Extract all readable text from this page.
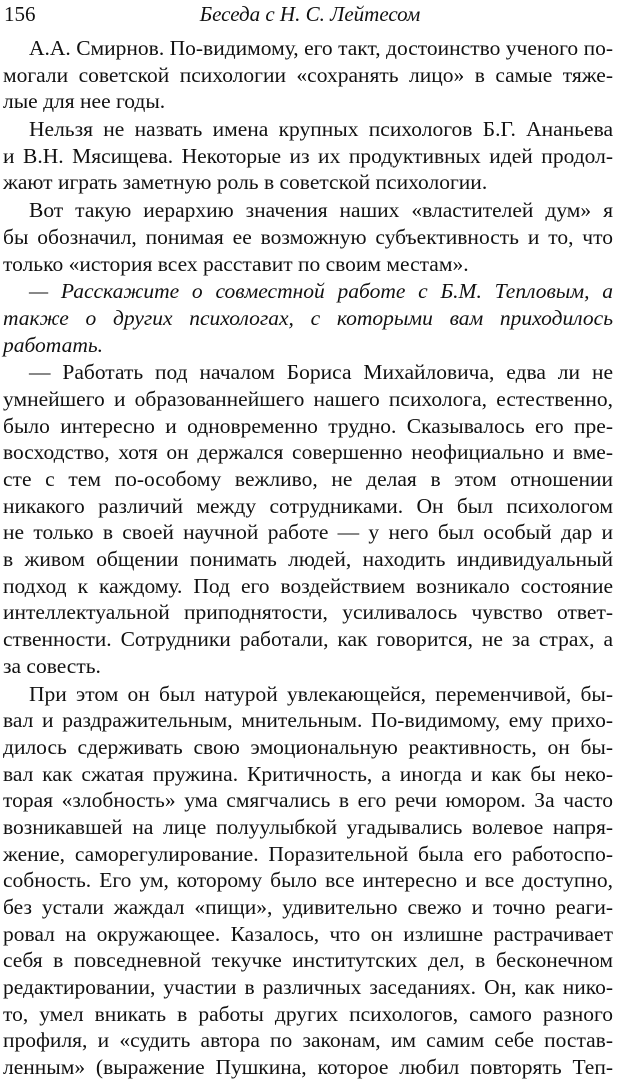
156	Беседа с Н. С. Лейтесом
А.А. Смирнов. По-видимому, его такт, достоинство ученого по-
могали советской психологии «сохранять лицо» в самые тяже-
лые для нее годы.
Нельзя не назвать имена крупных психологов Б.Г. Ананьева
и В.Н. Мясищева. Некоторые из их продуктивных идей продол-
жают играть заметную роль в советской психологии.
Вот такую иерархию значения наших «властителей дум» я
бы обозначил, понимая ее возможную субъективность и то, что
только «история всех расставит по своим местам».
— Расскажите о совместной работе с Б.М. Тепловым, а
также о других психологах, с которыми вам приходилось
работать.
— Работать под началом Бориса Михайловича, едва ли не
умнейшего и образованнейшего нашего психолога, естественно,
было интересно и одновременно трудно. Сказывалось его пре-
восходство, хотя он держался совершенно неофициально и вме-
сте с тем по-особому вежливо, не делая в этом отношении
никакого различий между сотрудниками. Он был психологом
не только в своей научной работе — у него был особый дар и
в живом общении понимать людей, находить индивидуальный
подход к каждому. Под его воздействием возникало состояние
интеллектуальной приподнятости, усиливалось чувство ответ-
ственности. Сотрудники работали, как говорится, не за страх, а
за совесть.
При этом он был натурой увлекающейся, переменчивой, бы-
вал и раздражительным, мнительным. По-видимому, ему прихо-
дилось сдерживать свою эмоциональную реактивность, он бы-
вал как сжатая пружина. Критичность, а иногда и как бы неко-
торая «злобность» ума смягчались в его речи юмором. За часто
возникавшей на лице полуулыбкой угадывались волевое напря-
жение, саморегулирование. Поразительной была его работоспо-
собность. Его ум, которому было все интересно и все доступно,
без устали жаждал «пищи», удивительно свежо и точно реаги-
ровал на окружающее. Казалось, что он излишне растрачивает
себя в повседневной текучке институтских дел, в бесконечном
редактировании, участии в различных заседаниях. Он, как нико-
то, умел вникать в работы других психологов, самого разного
профиля, и «судить автора по законам, им самим себе постав-
ленным» (выражение Пушкина, которое любил повторять Теп-
